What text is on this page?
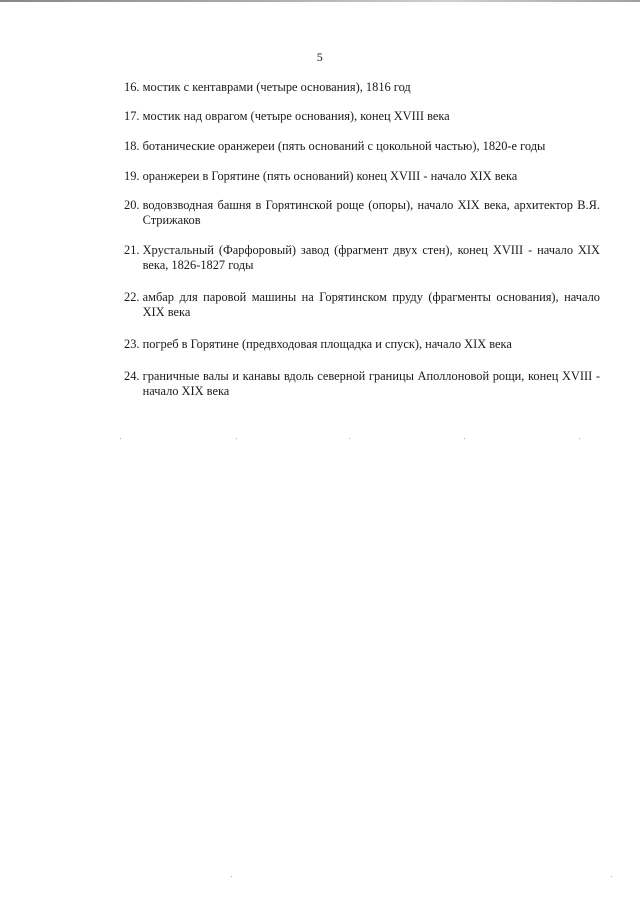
5
16.
мостик с кентаврами (четыре основания), 1816 год
17.
мостик над оврагом (четыре основания), конец XVIII века
18.
ботанические оранжереи (пять оснований с цокольной частью), 1820-е годы
19.
оранжереи в Горятине (пять оснований) конец XVIII - начало XIX века
20.
водовзводная башня в Горятинской роще (опоры), начало XIX века, архитектор В.Я. Стрижаков
21.
Хрустальный (Фарфоровый) завод (фрагмент двух стен), конец XVIII - начало XIX века, 1826-1827 годы
22.
амбар для паровой машины на Горятинском пруду (фрагменты основания), начало XIX века
23.
погреб в Горятине (предвходовая площадка и спуск), начало XIX века
24.
граничные валы и канавы вдоль северной границы Аполлоновой рощи, конец XVIII - начало XIX века
